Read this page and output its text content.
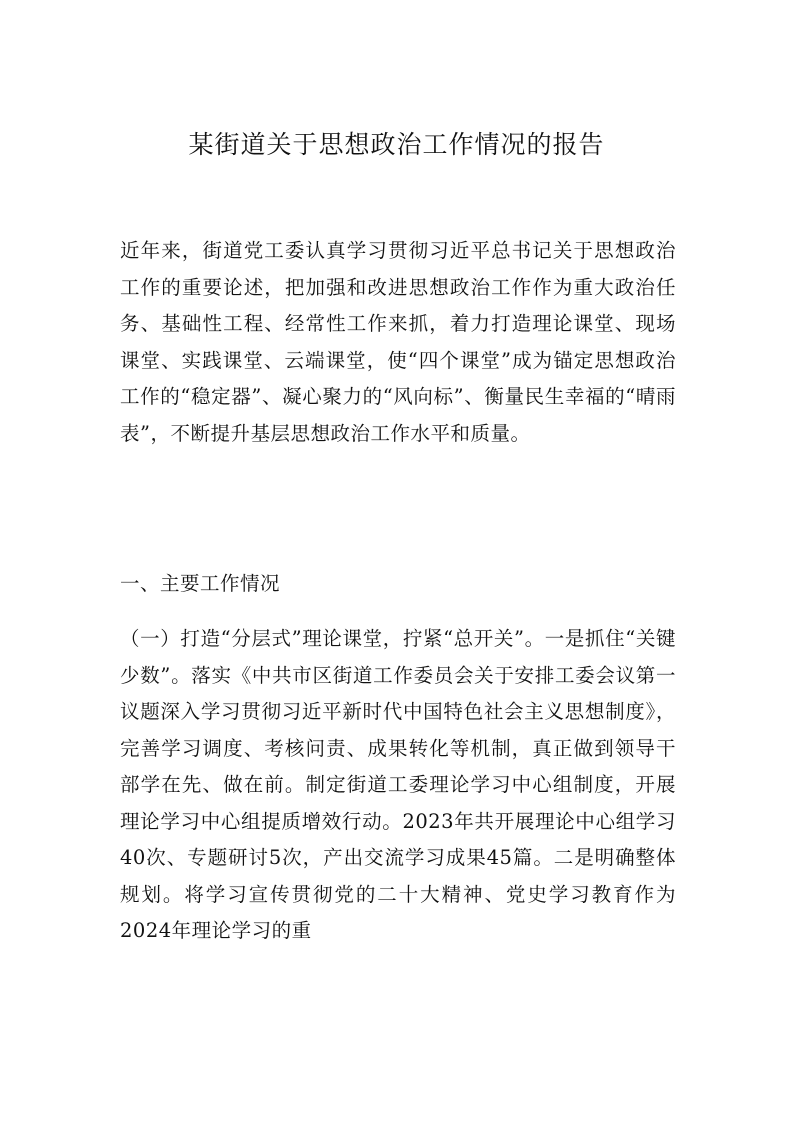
某街道关于思想政治工作情况的报告

近年来，街道党工委认真学习贯彻习近平总书记关于思想政治工作的重要论述，把加强和改进思想政治工作作为重大政治任务、基础性工程、经常性工作来抓，着力打造理论课堂、现场课堂、实践课堂、云端课堂，使“四个课堂”成为锚定思想政治工作的“稳定器”、凝心聚力的“风向标”、衡量民生幸福的“晴雨表”，不断提升基层思想政治工作水平和质量。

一、主要工作情况

（一）打造“分层式”理论课堂，拧紧“总开关”。一是抓住“关键少数”。落实《中共市区街道工作委员会关于安排工委会议第一议题深入学习贯彻习近平新时代中国特色社会主义思想制度》，完善学习调度、考核问责、成果转化等机制，真正做到领导干部学在先、做在前。制定街道工委理论学习中心组制度，开展理论学习中心组提质增效行动。2023年共开展理论中心组学习40次、专题研讨5次，产出交流学习成果45篇。二是明确整体规划。将学习宣传贯彻党的二十大精神、党史学习教育作为2024年理论学习的重
